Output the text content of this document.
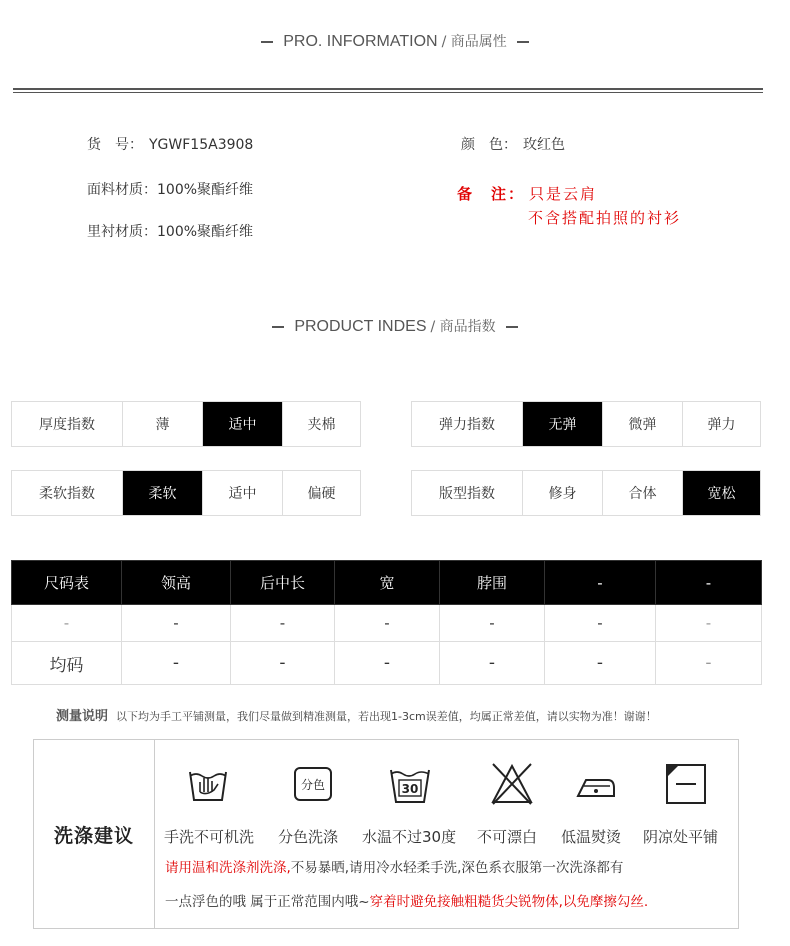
PRO. INFORMATION / 商品属性
货　号： YGWF15A3908
面料材质：100%聚酯纤维
里衬材质：100%聚酯纤维
颜　色： 玫红色
备　注： 只是云肩
不含搭配拍照的衬衫
PRODUCT INDES / 商品指数
厚度指数	薄	适中	夹棉	弹力指数	无弹	微弹	弹力
柔软指数	柔软	适中	偏硬	版型指数	修身	合体	宽松
尺码表	领高	后中长	宽	脖围	-	-
-	-	-	-	-	-	-
均码	-	-	-	-	-	-
测量说明 以下均为手工平铺测量，我们尽量做到精准测量，若出现1-3cm误差值，均属正常差值，请以实物为准！谢谢！
洗涤建议
分色	30
手洗不可机洗 分色洗涤 水温不过30度 不可漂白 低温熨烫 阴凉处平铺
请用温和洗涤剂洗涤,不易暴晒,请用冷水轻柔手洗,深色系衣服第一次洗涤都有
一点浮色的哦 属于正常范围内哦~穿着时避免接触粗糙货尖锐物体,以免摩擦勾丝.
